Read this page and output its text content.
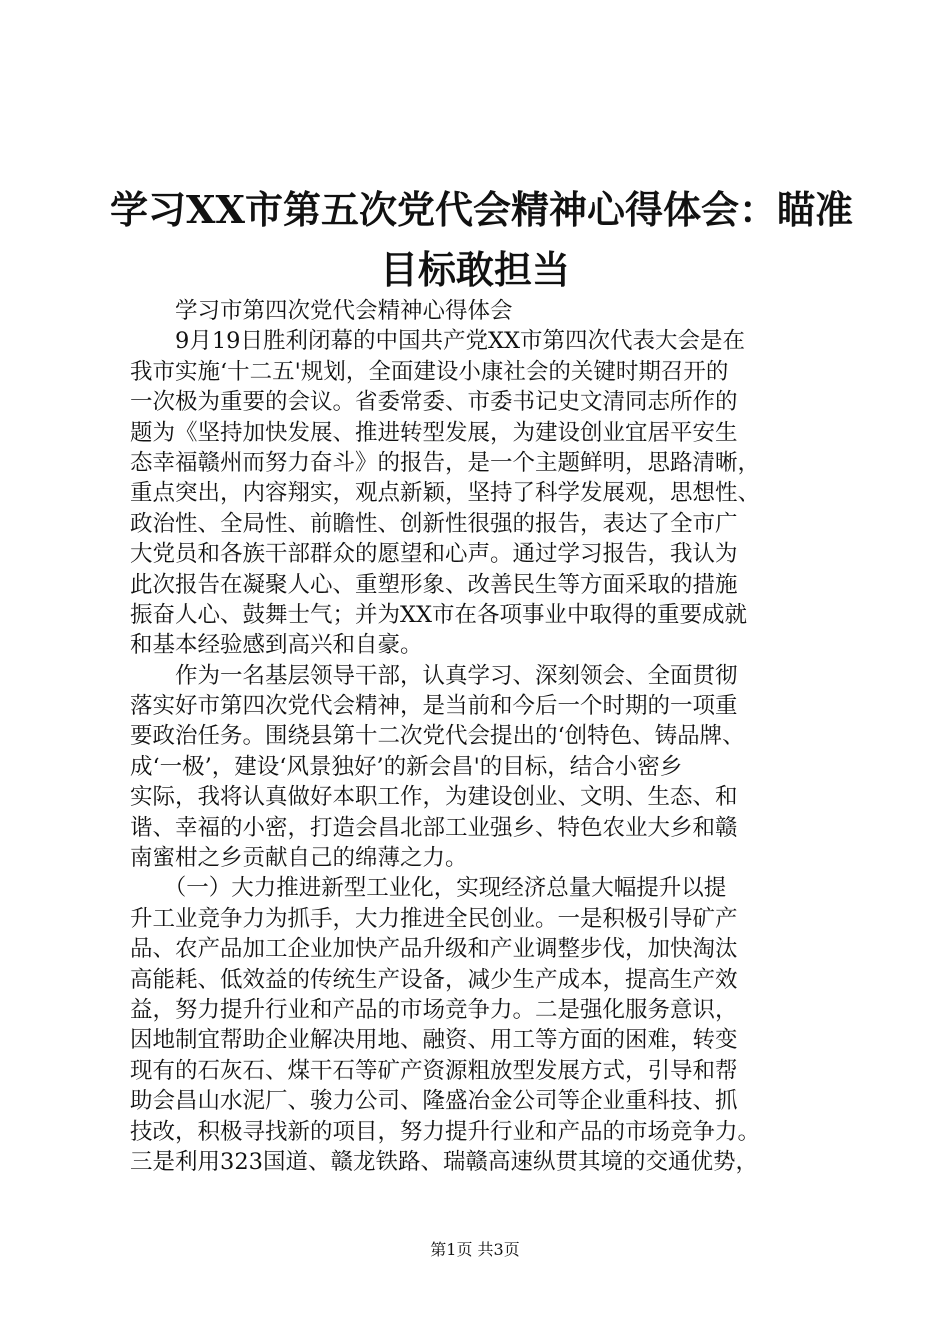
学习XX市第五次党代会精神心得体会：瞄准
目标敢担当
　　学习市第四次党代会精神心得体会
　　9月19日胜利闭幕的中国共产党XX市第四次代表大会是在
我市实施‘十二五'规划，全面建设小康社会的关键时期召开的
一次极为重要的会议。省委常委、市委书记史文清同志所作的
题为《坚持加快发展、推进转型发展，为建设创业宜居平安生
态幸福赣州而努力奋斗》的报告，是一个主题鲜明，思路清晰，
重点突出，内容翔实，观点新颖，坚持了科学发展观，思想性、
政治性、全局性、前瞻性、创新性很强的报告，表达了全市广
大党员和各族干部群众的愿望和心声。通过学习报告，我认为
此次报告在凝聚人心、重塑形象、改善民生等方面采取的措施
振奋人心、鼓舞士气；并为XX市在各项事业中取得的重要成就
和基本经验感到高兴和自豪。
　　作为一名基层领导干部，认真学习、深刻领会、全面贯彻
落实好市第四次党代会精神，是当前和今后一个时期的一项重
要政治任务。围绕县第十二次党代会提出的‘创特色、铸品牌、
成‘一极’，建设‘风景独好’的新会昌'的目标，结合小密乡
实际，我将认真做好本职工作，为建设创业、文明、生态、和
谐、幸福的小密，打造会昌北部工业强乡、特色农业大乡和赣
南蜜柑之乡贡献自己的绵薄之力。
　　（一）大力推进新型工业化，实现经济总量大幅提升以提
升工业竞争力为抓手，大力推进全民创业。一是积极引导矿产
品、农产品加工企业加快产品升级和产业调整步伐，加快淘汰
高能耗、低效益的传统生产设备，减少生产成本，提高生产效
益，努力提升行业和产品的市场竞争力。二是强化服务意识，
因地制宜帮助企业解决用地、融资、用工等方面的困难，转变
现有的石灰石、煤干石等矿产资源粗放型发展方式，引导和帮
助会昌山水泥厂、骏力公司、隆盛冶金公司等企业重科技、抓
技改，积极寻找新的项目，努力提升行业和产品的市场竞争力。
三是利用323国道、赣龙铁路、瑞赣高速纵贯其境的交通优势，
第1页 共3页
